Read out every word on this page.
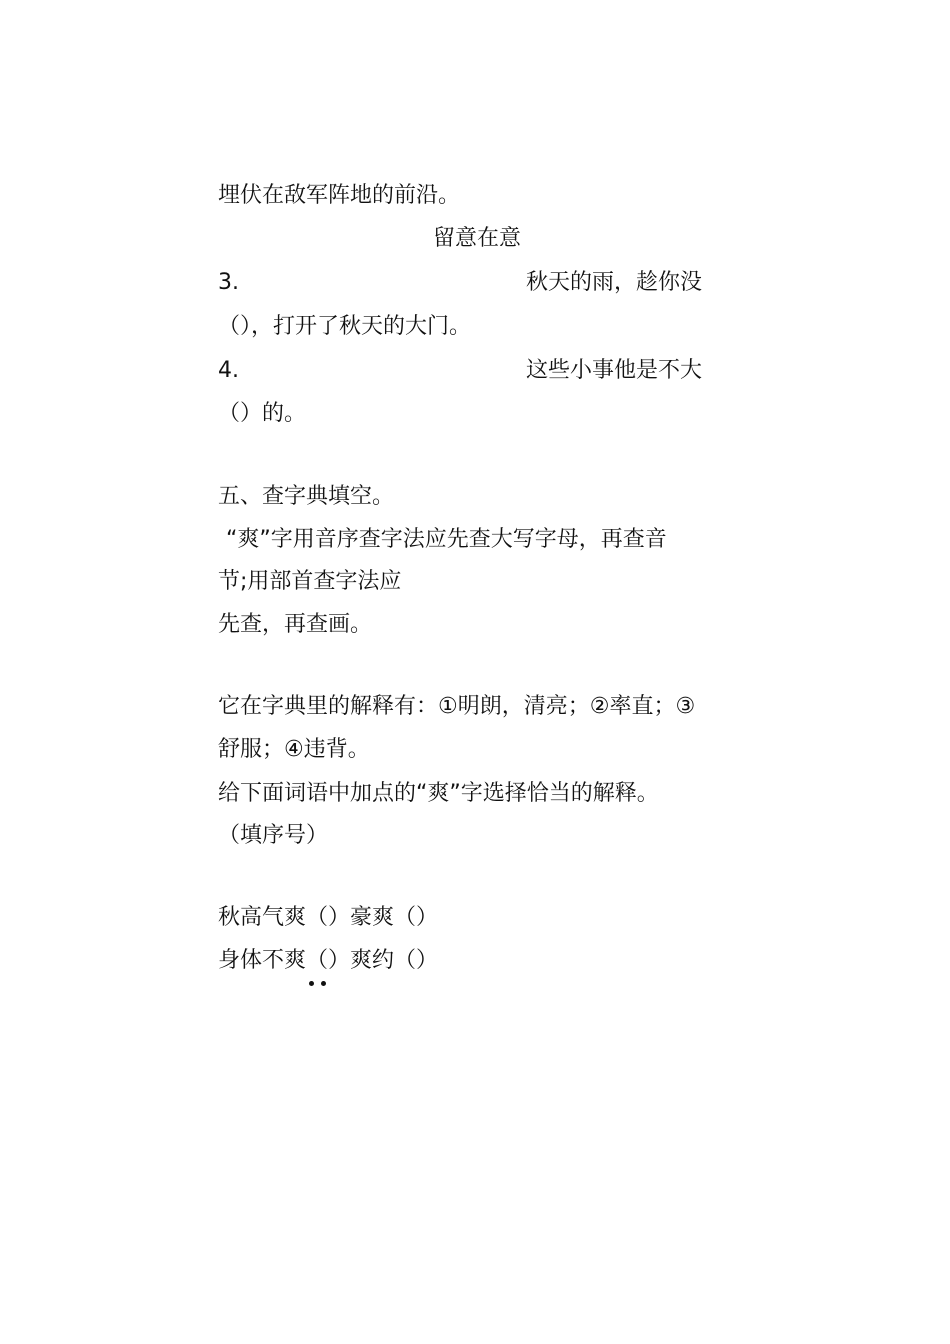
埋伏在敌军阵地的前沿。
留意在意
3.	秋天的雨，趁你没
（），打开了秋天的大门。
4.	这些小事他是不大
（）的。
五、查字典填空。
“爽”字用音序查字法应先查大写字母，再查音
节;用部首查字法应
先查，再查画。
它在字典里的解释有：①明朗，清亮；②率直；③
舒服；④违背。
给下面词语中加点的“爽”字选择恰当的解释。
（填序号）
秋高气爽（）豪爽（）
身体不爽（）爽约（）
